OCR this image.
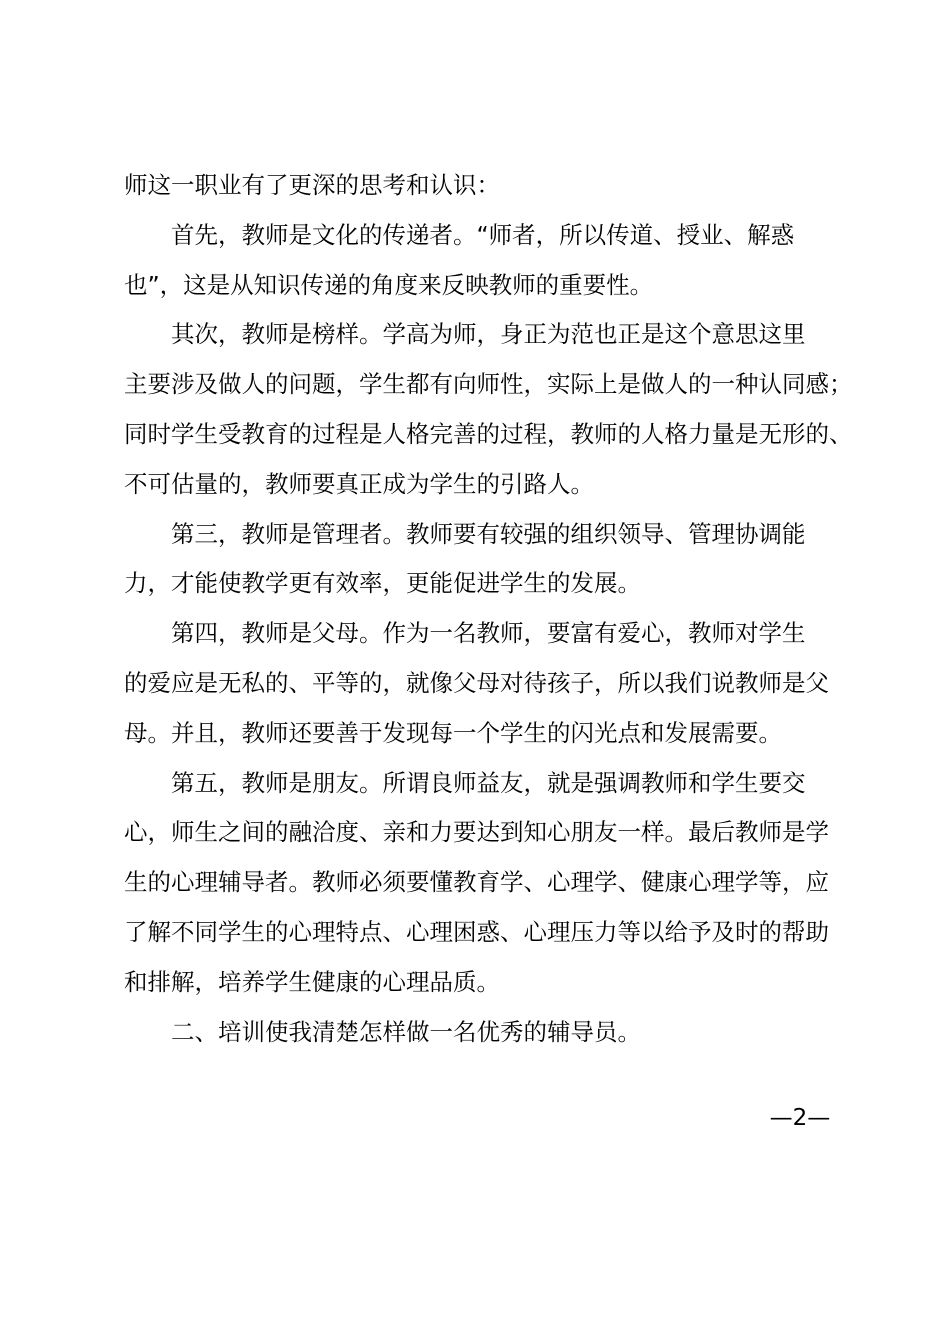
师这一职业有了更深的思考和认识：
首先，教师是文化的传递者。“师者，所以传道、授业、解惑
也”，这是从知识传递的角度来反映教师的重要性。
其次，教师是榜样。学高为师，身正为范也正是这个意思这里
主要涉及做人的问题，学生都有向师性，实际上是做人的一种认同感；
同时学生受教育的过程是人格完善的过程，教师的人格力量是无形的、
不可估量的，教师要真正成为学生的引路人。
第三，教师是管理者。教师要有较强的组织领导、管理协调能
力，才能使教学更有效率，更能促进学生的发展。
第四，教师是父母。作为一名教师，要富有爱心，教师对学生
的爱应是无私的、平等的，就像父母对待孩子，所以我们说教师是父
母。并且，教师还要善于发现每一个学生的闪光点和发展需要。
第五，教师是朋友。所谓良师益友，就是强调教师和学生要交
心，师生之间的融洽度、亲和力要达到知心朋友一样。最后教师是学
生的心理辅导者。教师必须要懂教育学、心理学、健康心理学等，应
了解不同学生的心理特点、心理困惑、心理压力等以给予及时的帮助
和排解，培养学生健康的心理品质。
二、培训使我清楚怎样做一名优秀的辅导员。
—2—
